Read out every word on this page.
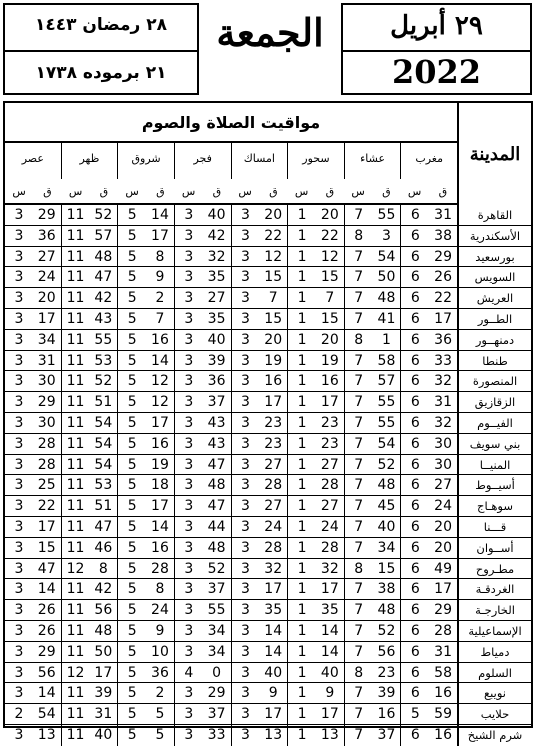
٢٨ رمضان ١٤٤٣
٢١ برموده ١٧٣٨
الجمعة	٢٩ أبريل
2022
المدينة
مواقيت الصلاة والصوم
مغرب
عشاء
سحور
امساك
فجر
شروق
ظهر
عصر
ق
س
ق
س
ق
س
ق
س
ق
س
ق
س
ق
س
ق
س
القاهرة
31
6
55
7
20
1
20
3
40
3
14
5
52
11
29
3
الأسكندرية
38
6
3
8
22
1
22
3
42
3
17
5
57
11
36
3
بورسعيد
29
6
54
7
12
1
12
3
32
3
8
5
48
11
27
3
السويس
26
6
50
7
15
1
15
3
35
3
9
5
47
11
24
3
العريش
22
6
48
7
7
1
7
3
27
3
2
5
42
11
20
3
الطــور
17
6
41
7
15
1
15
3
35
3
7
5
43
11
17
3
دمنهــور
36
6
1
8
20
1
20
3
40
3
16
5
55
11
34
3
طنطا
33
6
58
7
19
1
19
3
39
3
14
5
53
11
31
3
المنصورة
32
6
57
7
16
1
16
3
36
3
12
5
52
11
30
3
الزقازيق
31
6
55
7
17
1
17
3
37
3
12
5
51
11
29
3
الفيــوم
32
6
55
7
23
1
23
3
43
3
17
5
54
11
30
3
بني سويف
30
6
54
7
23
1
23
3
43
3
16
5
54
11
28
3
المنيــا
30
6
52
7
27
1
27
3
47
3
19
5
54
11
28
3
أسيــوط
27
6
48
7
28
1
28
3
48
3
18
5
53
11
25
3
سوهـاج
24
6
45
7
27
1
27
3
47
3
17
5
51
11
22
3
قـــنا
20
6
40
7
24
1
24
3
44
3
14
5
47
11
17
3
أســوان
20
6
34
7
28
1
28
3
48
3
16
5
46
11
15
3
مطـروح
49
6
15
8
32
1
32
3
52
3
28
5
8
12
47
3
الغردقـة
17
6
38
7
17
1
17
3
37
3
8
5
42
11
14
3
الخارجـة
29
6
48
7
35
1
35
3
55
3
24
5
56
11
26
3
الإسماعيلية
28
6
52
7
14
1
14
3
34
3
9
5
48
11
26
3
دمياط
31
6
56
7
14
1
14
3
34
3
10
5
50
11
29
3
السلوم
58
6
23
8
40
1
40
3
0
4
36
5
17
12
56
3
نويبع
16
6
39
7
9
1
9
3
29
3
2
5
39
11
14
3
حلايب
59
5
16
7
17
1
17
3
37
3
5
5
31
11
54
2
شرم الشيخ
16
6
37
7
13
1
13
3
33
3
5
5
40
11
13
3
